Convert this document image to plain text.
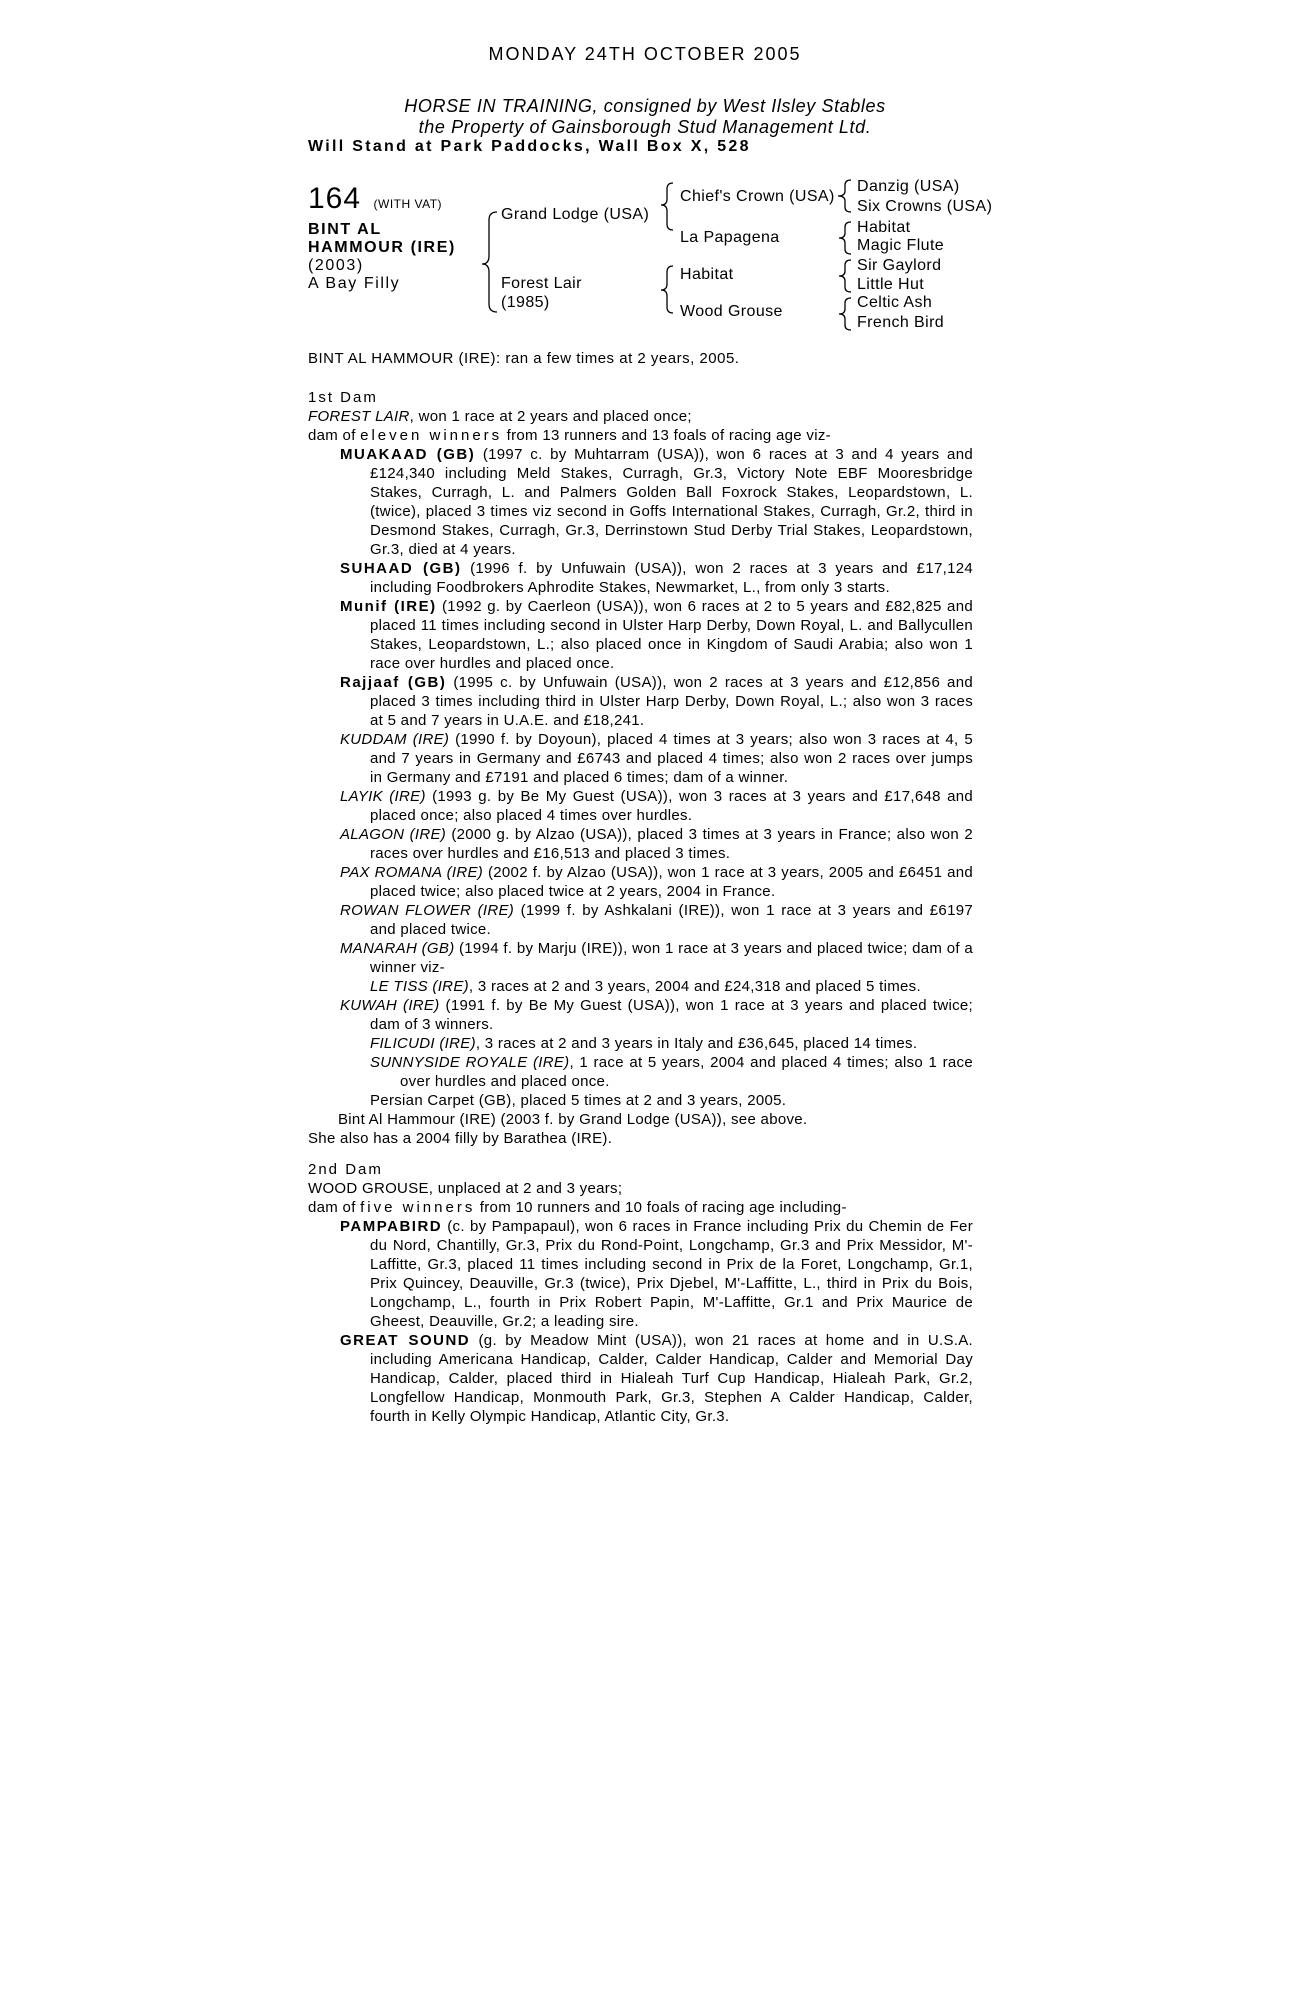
MONDAY 24TH OCTOBER 2005
HORSE IN TRAINING, consigned by West Ilsley Stables
the Property of Gainsborough Stud Management Ltd.
Will Stand at Park Paddocks, Wall Box X, 528
164 (WITH VAT)
BINT AL
HAMMOUR (IRE)
(2003)
A Bay Filly
Grand Lodge (USA)
Forest Lair
(1985)
Chief's Crown (USA)
La Papagena
Habitat
Wood Grouse
Danzig (USA)
Six Crowns (USA)
Habitat
Magic Flute
Sir Gaylord
Little Hut
Celtic Ash
French Bird
BINT AL HAMMOUR (IRE): ran a few times at 2 years, 2005.
1st Dam
FOREST LAIR, won 1 race at 2 years and placed once;
dam of eleven winners from 13 runners and 13 foals of racing age viz-
MUAKAAD (GB) (1997 c. by Muhtarram (USA)), won 6 races at 3 and 4 years and £124,340 including Meld Stakes, Curragh, Gr.3, Victory Note EBF Mooresbridge Stakes, Curragh, L. and Palmers Golden Ball Foxrock Stakes, Leopardstown, L. (twice), placed 3 times viz second in Goffs International Stakes, Curragh, Gr.2, third in Desmond Stakes, Curragh, Gr.3, Derrinstown Stud Derby Trial Stakes, Leopardstown, Gr.3, died at 4 years.
SUHAAD (GB) (1996 f. by Unfuwain (USA)), won 2 races at 3 years and £17,124 including Foodbrokers Aphrodite Stakes, Newmarket, L., from only 3 starts.
Munif (IRE) (1992 g. by Caerleon (USA)), won 6 races at 2 to 5 years and £82,825 and placed 11 times including second in Ulster Harp Derby, Down Royal, L. and Ballycullen Stakes, Leopardstown, L.; also placed once in Kingdom of Saudi Arabia; also won 1 race over hurdles and placed once.
Rajjaaf (GB) (1995 c. by Unfuwain (USA)), won 2 races at 3 years and £12,856 and placed 3 times including third in Ulster Harp Derby, Down Royal, L.; also won 3 races at 5 and 7 years in U.A.E. and £18,241.
KUDDAM (IRE) (1990 f. by Doyoun), placed 4 times at 3 years; also won 3 races at 4, 5 and 7 years in Germany and £6743 and placed 4 times; also won 2 races over jumps in Germany and £7191 and placed 6 times; dam of a winner.
LAYIK (IRE) (1993 g. by Be My Guest (USA)), won 3 races at 3 years and £17,648 and placed once; also placed 4 times over hurdles.
ALAGON (IRE) (2000 g. by Alzao (USA)), placed 3 times at 3 years in France; also won 2 races over hurdles and £16,513 and placed 3 times.
PAX ROMANA (IRE) (2002 f. by Alzao (USA)), won 1 race at 3 years, 2005 and £6451 and placed twice; also placed twice at 2 years, 2004 in France.
ROWAN FLOWER (IRE) (1999 f. by Ashkalani (IRE)), won 1 race at 3 years and £6197 and placed twice.
MANARAH (GB) (1994 f. by Marju (IRE)), won 1 race at 3 years and placed twice; dam of a winner viz-
LE TISS (IRE), 3 races at 2 and 3 years, 2004 and £24,318 and placed 5 times.
KUWAH (IRE) (1991 f. by Be My Guest (USA)), won 1 race at 3 years and placed twice; dam of 3 winners.
FILICUDI (IRE), 3 races at 2 and 3 years in Italy and £36,645, placed 14 times.
SUNNYSIDE ROYALE (IRE), 1 race at 5 years, 2004 and placed 4 times; also 1 race over hurdles and placed once.
Persian Carpet (GB), placed 5 times at 2 and 3 years, 2005.
Bint Al Hammour (IRE) (2003 f. by Grand Lodge (USA)), see above.
She also has a 2004 filly by Barathea (IRE).
2nd Dam
WOOD GROUSE, unplaced at 2 and 3 years;
dam of five winners from 10 runners and 10 foals of racing age including-
PAMPABIRD (c. by Pampapaul), won 6 races in France including Prix du Chemin de Fer du Nord, Chantilly, Gr.3, Prix du Rond-Point, Longchamp, Gr.3 and Prix Messidor, M'-Laffitte, Gr.3, placed 11 times including second in Prix de la Foret, Longchamp, Gr.1, Prix Quincey, Deauville, Gr.3 (twice), Prix Djebel, M'-Laffitte, L., third in Prix du Bois, Longchamp, L., fourth in Prix Robert Papin, M'-Laffitte, Gr.1 and Prix Maurice de Gheest, Deauville, Gr.2; a leading sire.
GREAT SOUND (g. by Meadow Mint (USA)), won 21 races at home and in U.S.A. including Americana Handicap, Calder, Calder Handicap, Calder and Memorial Day Handicap, Calder, placed third in Hialeah Turf Cup Handicap, Hialeah Park, Gr.2, Longfellow Handicap, Monmouth Park, Gr.3, Stephen A Calder Handicap, Calder, fourth in Kelly Olympic Handicap, Atlantic City, Gr.3.
